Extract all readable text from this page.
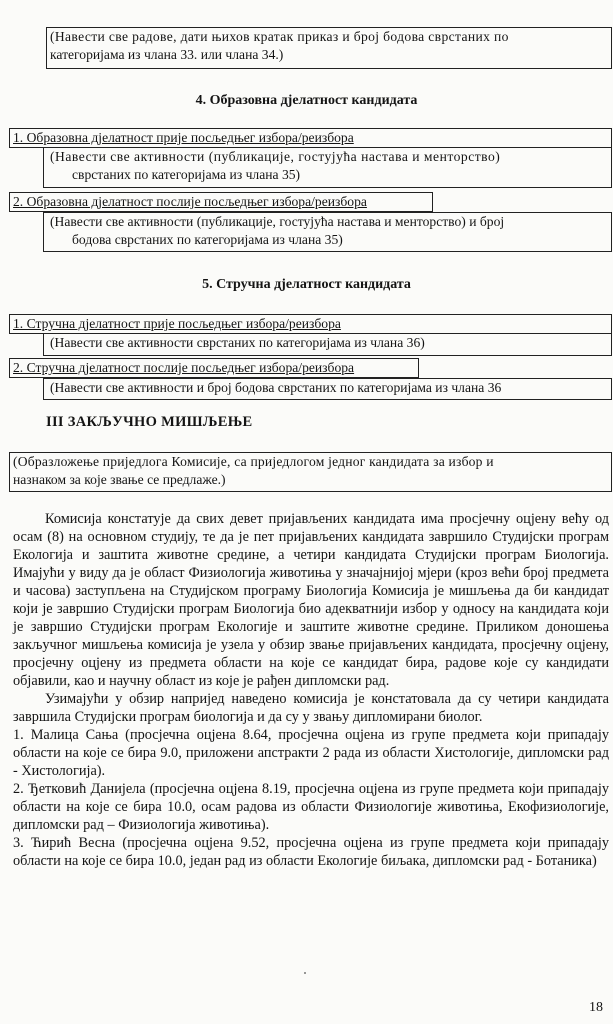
(Навести све радове, дати њихов кратак приказ и број бодова сврстаних по
категоријама из члана 33. или члана 34.)
4. Образовна дјелатност кандидата
1. Образовна дјелатност прије посљедњег избора/реизбора
(Навести све активности (публикације, гостујућа настава и менторство)
сврстаних по категоријама из члана 35)
2. Образовна дјелатност послије посљедњег избора/реизбора
(Навести све активности (публикације, гостујућа настава и менторство) и број
бодова сврстаних по категоријама из члана 35)
5. Стручна дјелатност кандидата
1. Стручна дјелатност прије посљедњег избора/реизбора
(Навести све активности сврстаних по категоријама из члана 36)
2. Стручна дјелатност послије посљедњег избора/реизбора
(Навести све активности и број бодова сврстаних по категоријама из члана 36
III ЗАКЉУЧНО МИШЉЕЊЕ
(Образложење приједлога Комисије, са приједлогом једног кандидата за избор и
назнаком за које звање се предлаже.)

Комисија констатује да свих девет пријављених кандидата има просјечну оцјену већу од осам (8) на основном студију, те да је пет пријављених кандидата завршило Студијски програм Екологија и заштита животне средине, а четири кандидата Студијски програм Биологија. Имајући у виду да је област Физиологија животиња у значајнијој мјери (кроз већи број предмета и часова) заступљена на Студијском програму Биологија Комисија је мишљења да би кандидат који је завршио Студијски програм Биологија био адекватнији избор у односу на кандидата који је завршио Студијски програм Екологије и заштите животне средине. Приликом доношења закључног мишљења комисија је узела у обзир звање пријављених кандидата, просјечну оцјену, просјечну оцјену из предмета области на које се кандидат бира, радове које су кандидати објавили, као и научну област из које је рађен дипломски рад.

Узимајући у обзир напријед наведено комисија је констатовала да су четири кандидата завршила Студијски програм биологија и да су у звању дипломирани биолог.

1. Малица Сања (просјечна оцјена 8.64, просјечна оцјена из групе предмета који припадају области на које се бира 9.0, приложени апстракти 2 рада из области Хистологије, дипломски рад - Хистологија).

2. Ђетковић Данијела (просјечна оцјена 8.19, просјечна оцјена из групе предмета који припадају области на које се бира 10.0, осам радова из области Физиологије животиња, Екофизиологије, дипломски рад – Физиологија животиња).

3. Ћирић Весна (просјечна оцјена 9.52, просјечна оцјена из групе предмета који припадају области на које се бира 10.0, један рад из области Екологије биљака, дипломски рад - Ботаника)

18
